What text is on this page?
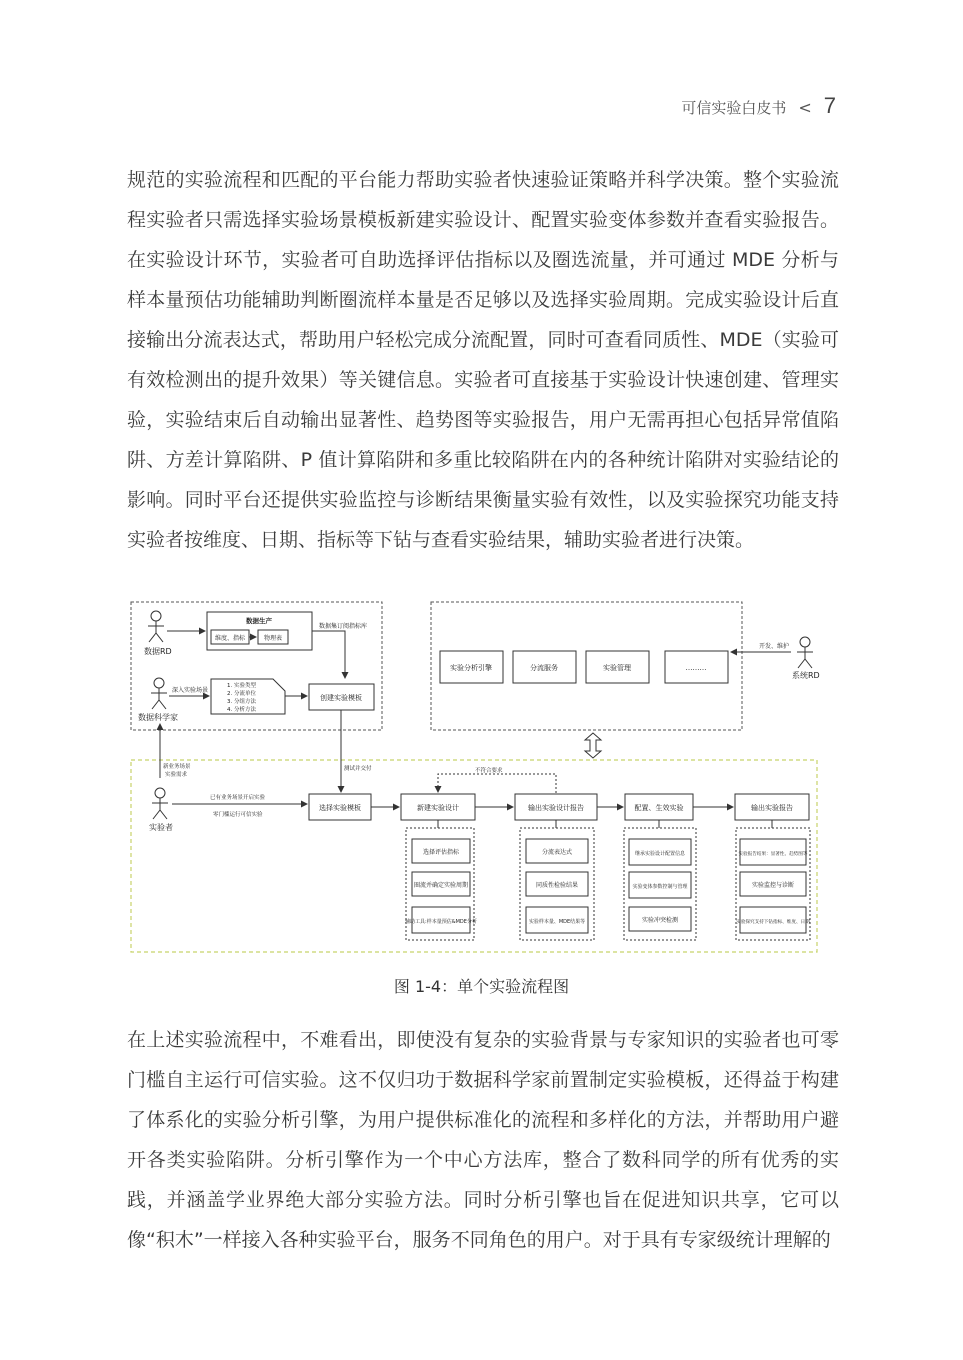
可信实验白皮书 < 7

规范的实验流程和匹配的平台能力帮助实验者快速验证策略并科学决策。整个实验流程实验者只需选择实验场景模板新建实验设计、配置实验变体参数并查看实验报告。在实验设计环节，实验者可自助选择评估指标以及圈选流量，并可通过 MDE 分析与样本量预估功能辅助判断圈流样本量是否足够以及选择实验周期。完成实验设计后直接输出分流表达式，帮助用户轻松完成分流配置，同时可查看同质性、MDE（实验可有效检测出的提升效果）等关键信息。实验者可直接基于实验设计快速创建、管理实验，实验结束后自动输出显著性、趋势图等实验报告，用户无需再担心包括异常值陷阱、方差计算陷阱、P 值计算陷阱和多重比较陷阱在内的各种统计陷阱对实验结论的影响。同时平台还提供实验监控与诊断结果衡量实验有效性，以及实验探究功能支持实验者按维度、日期、指标等下钻与查看实验结果，辅助实验者进行决策。

数据RD
数据科学家
实验者
系统RD
数据生产
维度、指标	物理表
数据集订阅指标库
深入实验场景
1. 实验类型
2. 分流单位
3. 分组方法
4. 分析方法
创建实验模板
实验分析引擎	分流服务	实验管理	………
开发、维护
新业务场景
实验需求
测试并交付
已有业务场景开启实验
零门槛运行可信实验
选择实验模板	新建实验设计	输出实验设计报告	配置、生效实验	输出实验报告
不符合要求
选择评估指标
圈流并确定实验周期
辅助工具:样本量预估&MDE分析
分流表达式
同质性检验结果
实验样本量、MDE结果等
继承实验设计配置信息
实验变体参数控制与管理
实验冲突检测
实验报告结果：显著性、趋势图等
实验监控与诊断
实验探究支持下钻指标、维度、日期
图 1-4：单个实验流程图

在上述实验流程中，不难看出，即使没有复杂的实验背景与专家知识的实验者也可零门槛自主运行可信实验。这不仅归功于数据科学家前置制定实验模板，还得益于构建了体系化的实验分析引擎，为用户提供标准化的流程和多样化的方法，并帮助用户避开各类实验陷阱。分析引擎作为一个中心方法库，整合了数科同学的所有优秀的实践，并涵盖学业界绝大部分实验方法。同时分析引擎也旨在促进知识共享，它可以像“积木”一样接入各种实验平台，服务不同角色的用户。对于具有专家级统计理解的
